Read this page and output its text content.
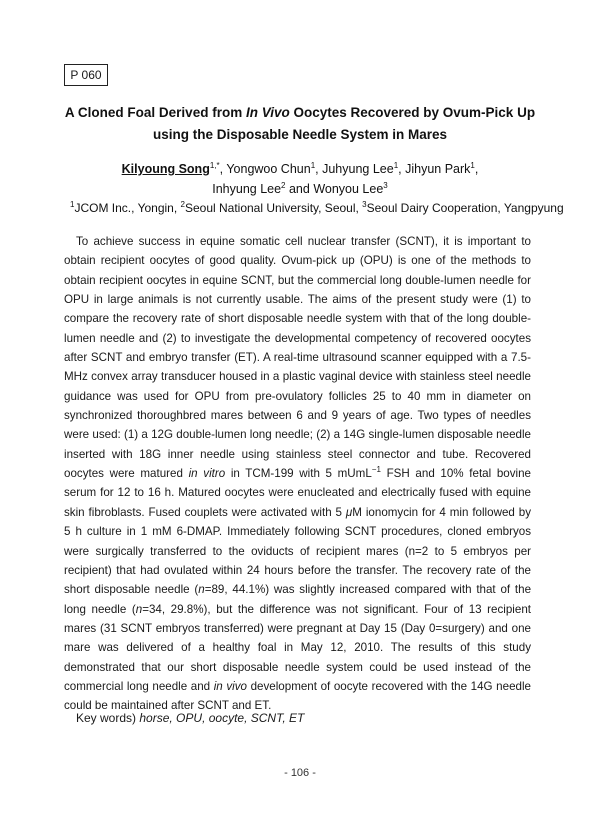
P 060
A Cloned Foal Derived from In Vivo Oocytes Recovered by Ovum-Pick Up
using the Disposable Needle System in Mares
Kilyoung Song$^{1,*}$, Yongwoo Chun$^1$, Juhyung Lee$^1$, Jihyun Park$^1$,
Inhyung Lee$^2$ and Wonyou Lee$^3$
$^1$JCOM Inc., Yongin, $^2$Seoul National University, Seoul, $^3$Seoul Dairy Cooperation, Yangpyung

To achieve success in equine somatic cell nuclear transfer (SCNT), it is important to obtain recipient oocytes of good quality. Ovum-pick up (OPU) is one of the methods to obtain recipient oocytes in equine SCNT, but the commercial long double-lumen needle for OPU in large animals is not currently usable. The aims of the present study were (1) to compare the recovery rate of short disposable needle system with that of the long double-lumen needle and (2) to investigate the developmental competency of recovered oocytes after SCNT and embryo transfer (ET). A real-time ultrasound scanner equipped with a 7.5-MHz convex array transducer housed in a plastic vaginal device with stainless steel needle guidance was used for OPU from pre-ovulatory follicles 25 to 40 mm in diameter on synchronized thoroughbred mares between 6 and 9 years of age. Two types of needles were used: (1) a 12G double-lumen long needle; (2) a 14G single-lumen disposable needle inserted with 18G inner needle using stainless steel connector and tube. Recovered oocytes were matured in vitro in TCM-199 with 5 mUmL$^{-1}$ FSH and 10% fetal bovine serum for 12 to 16 h. Matured oocytes were enucleated and electrically fused with equine skin fibroblasts. Fused couplets were activated with 5 μM ionomycin for 4 min followed by 5 h culture in 1 mM 6-DMAP. Immediately following SCNT procedures, cloned embryos were surgically transferred to the oviducts of recipient mares (n=2 to 5 embryos per recipient) that had ovulated within 24 hours before the transfer. The recovery rate of the short disposable needle (n=89, 44.1%) was slightly increased compared with that of the long needle (n=34, 29.8%), but the difference was not significant. Four of 13 recipient mares (31 SCNT embryos transferred) were pregnant at Day 15 (Day 0=surgery) and one mare was delivered of a healthy foal in May 12, 2010. The results of this study demonstrated that our short disposable needle system could be used instead of the commercial long needle and in vivo development of oocyte recovered with the 14G needle could be maintained after SCNT and ET.

Key words) horse, OPU, oocyte, SCNT, ET
- 106 -
